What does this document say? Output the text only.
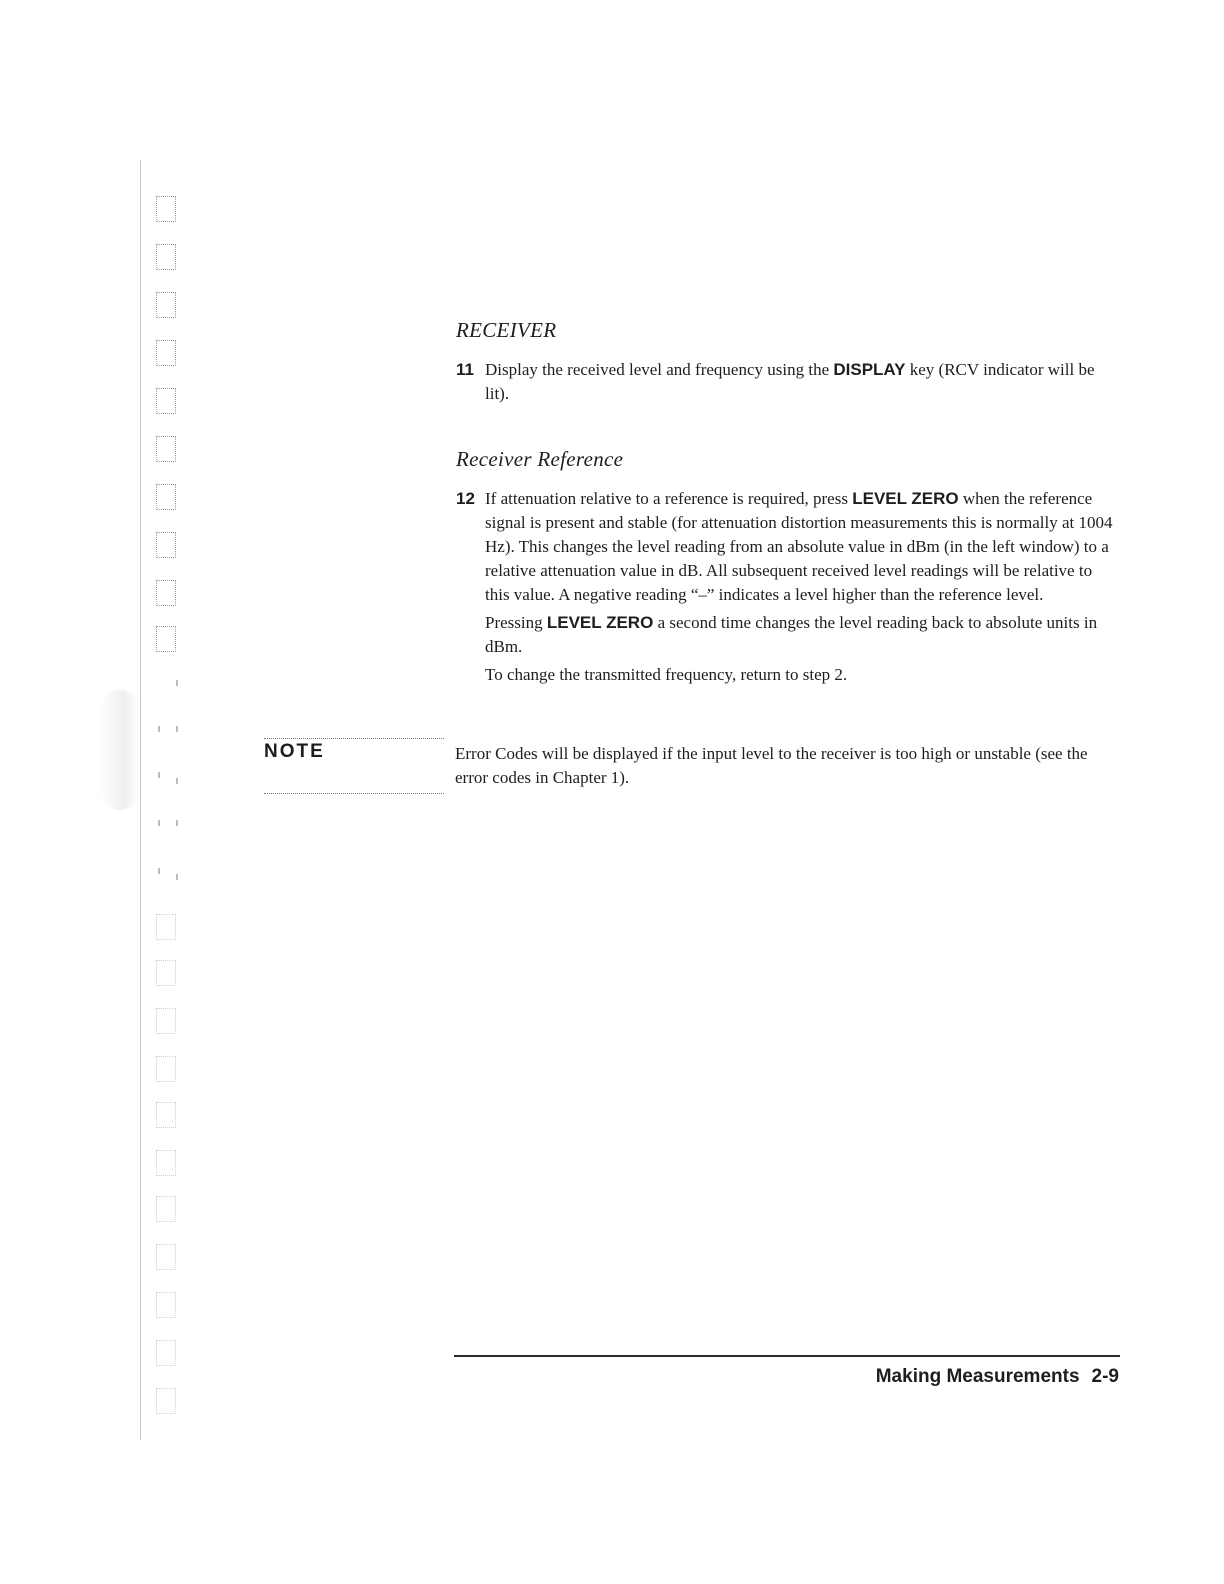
RECEIVER
11 Display the received level and frequency using the DISPLAY key (RCV indicator will be lit).

Receiver Reference
12 If attenuation relative to a reference is required, press LEVEL ZERO when the reference signal is present and stable (for attenuation distortion measurements this is normally at 1004 Hz). This changes the level reading from an absolute value in dBm (in the left window) to a relative attenuation value in dB. All subsequent received level readings will be relative to this value. A negative reading “–” indicates a level higher than the reference level.

Pressing LEVEL ZERO a second time changes the level reading back to absolute units in dBm.

To change the transmitted frequency, return to step 2.

NOTE	Error Codes will be displayed if the input level to the receiver is too high or unstable (see the error codes in Chapter 1).

Making Measurements 2-9
